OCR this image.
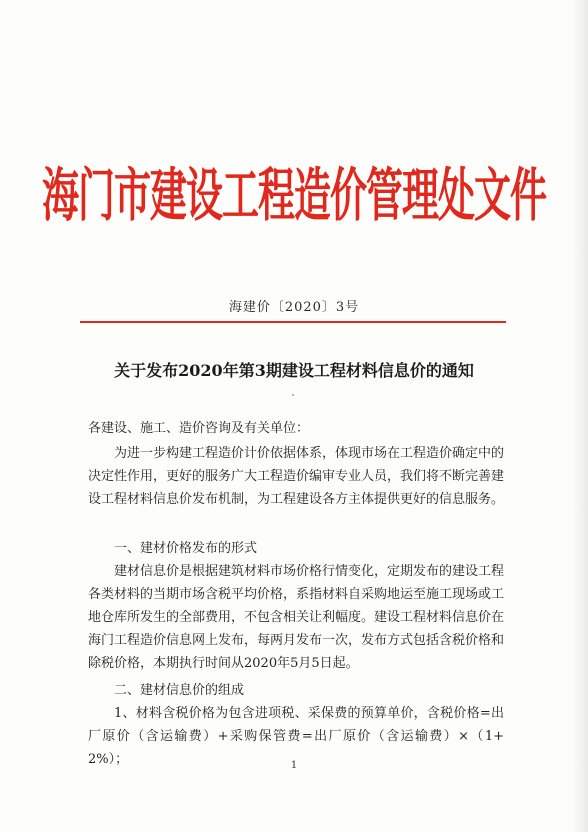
海门市建设工程造价管理处文件
海建价〔2020〕3号
关于发布2020年第3期建设工程材料信息价的通知
各建设、施工、造价咨询及有关单位：
为进一步构建工程造价计价依据体系，体现市场在工程造价确定中的决定性作用，更好的服务广大工程造价编审专业人员，我们将不断完善建设工程材料信息价发布机制，为工程建设各方主体提供更好的信息服务。
一、建材价格发布的形式
建材信息价是根据建筑材料市场价格行情变化，定期发布的建设工程各类材料的当期市场含税平均价格，系指材料自采购地运至施工现场或工地仓库所发生的全部费用，不包含相关让利幅度。建设工程材料信息价在海门工程造价信息网上发布，每两月发布一次，发布方式包括含税价格和除税价格，本期执行时间从2020年5月5日起。
二、建材信息价的组成
1、材料含税价格为包含进项税、采保费的预算单价，含税价格=出厂原价（含运输费）+采购保管费=出厂原价（含运输费）×（1+2%）；	1
